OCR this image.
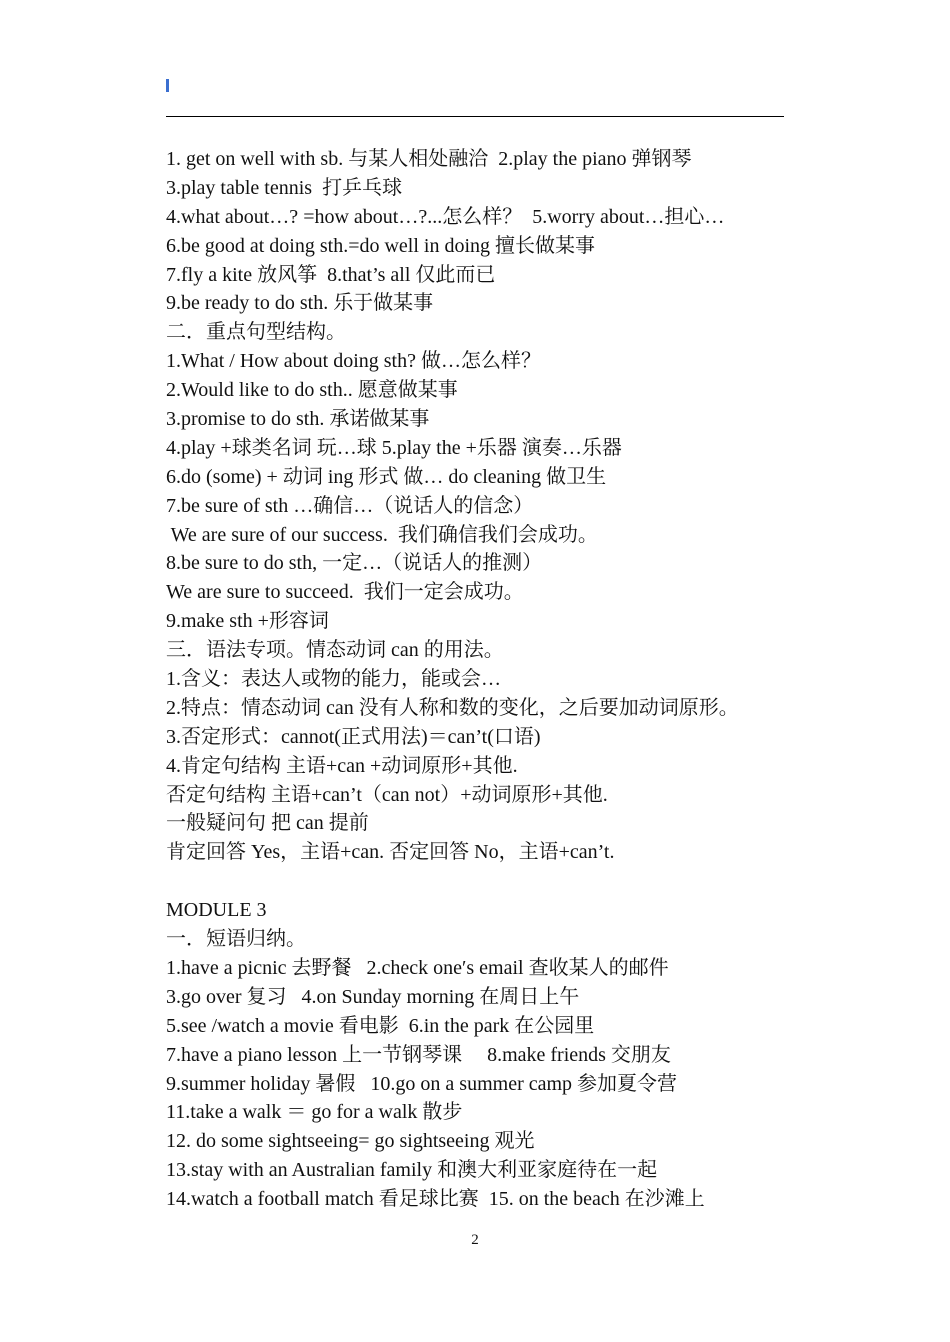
1. get on well with sb. 与某人相处融洽  2.play the piano 弹钢琴
3.play table tennis  打乒乓球
4.what about…? =how about…?...怎么样？  5.worry about…担心…
6.be good at doing sth.=do well in doing 擅长做某事
7.fly a kite 放风筝  8.that’s all 仅此而已
9.be ready to do sth. 乐于做某事
二．重点句型结构。
1.What / How about doing sth? 做…怎么样？
2.Would like to do sth.. 愿意做某事
3.promise to do sth. 承诺做某事
4.play +球类名词 玩…球 5.play the +乐器 演奏…乐器
6.do (some) + 动词 ing 形式 做… do cleaning 做卫生
7.be sure of sth …确信…（说话人的信念）
We are sure of our success.  我们确信我们会成功。
8.be sure to do sth, 一定…（说话人的推测）
We are sure to succeed.  我们一定会成功。
9.make sth +形容词
三．语法专项。情态动词 can 的用法。
1.含义：表达人或物的能力，能或会…
2.特点：情态动词 can 没有人称和数的变化，之后要加动词原形。
3.否定形式：cannot(正式用法)＝can’t(口语)
4.肯定句结构 主语+can +动词原形+其他.
否定句结构 主语+can’t（can not）+动词原形+其他.
一般疑问句 把 can 提前
肯定回答 Yes，主语+can. 否定回答 No，主语+can’t.
MODULE 3
一．短语归纳。
1.have a picnic 去野餐   2.check one′s email 查收某人的邮件
3.go over 复习   4.on Sunday morning 在周日上午
5.see /watch a movie 看电影  6.in the park 在公园里
7.have a piano lesson 上一节钢琴课     8.make friends 交朋友
9.summer holiday 暑假   10.go on a summer camp 参加夏令营
11.take a walk ＝ go for a walk 散步
12. do some sightseeing= go sightseeing 观光
13.stay with an Australian family 和澳大利亚家庭待在一起
14.watch a football match 看足球比赛  15. on the beach 在沙滩上
2
